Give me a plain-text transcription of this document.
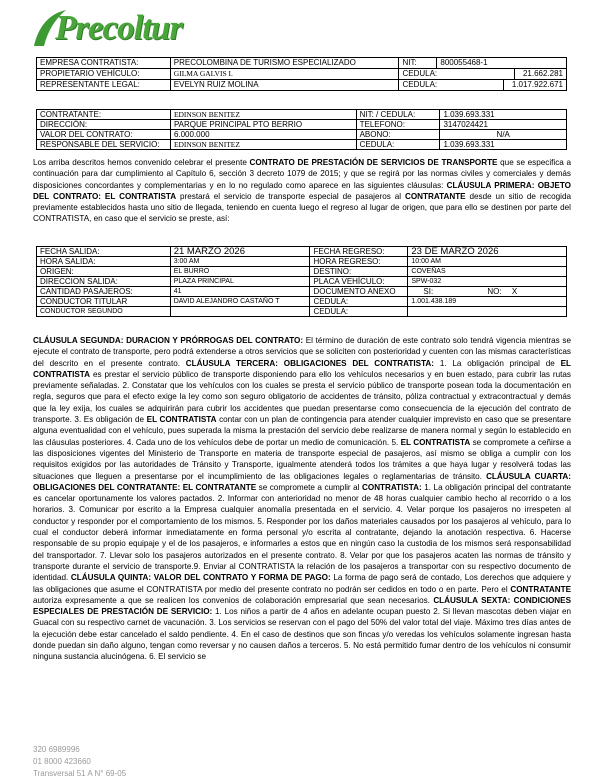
Precoltur
EMPRESA CONTRATISTA:	PRECOLOMBINA DE TURISMO ESPECIALIZADO	NIT:	800055468-1
PROPIETARIO VEHÍCULO:	GILMA GALVIS I.		CEDULA:	21.662.281

REPRESENTANTE LEGAL:	EVELYN RUIZ MOLINA		CEDULA:	1.017.922.671
CONTRATANTE:	EDINSON BENITEZ	NIT: / CEDULA:	1.039.693.331
DIRECCIÓN:	PARQUE PRINCIPAL PTO BERRIO	TELEFONO:	3147024421
VALOR DEL CONTRATO:	6.000.000	ABONO:	N/A
RESPONSABLE DEL SERVICIO:	EDINSON BENITEZ	CEDULA:	1.039.693.331

Los arriba descritos hemos convenido celebrar el presente CONTRATO DE PRESTACIÓN DE SERVICIOS DE TRANSPORTE que se especifica a continuación para dar cumplimiento al Capítulo 6, sección 3 decreto 1079 de 2015; y que se regirá por las normas civiles y comerciales y demás disposiciones concordantes y complementarias y en lo no regulado como aparece en las siguientes cláusulas: CLÁUSULA PRIMERA: OBJETO DEL CONTRATO: EL CONTRATISTA prestará el servicio de transporte especial de pasajeros al CONTRATANTE desde un sitio de recogida previamente establecidos hasta uno sitio de llegada, teniendo en cuenta luego el regreso al lugar de origen, que para ello se destinen por parte del CONTRATISTA, en caso que el servicio se preste, así:

FECHA SALIDA:	21 MARZO 2026	FECHA REGRESO:	23 DE MARZO 2026
HORA SALIDA:	3:00 AM	HORA REGRESO:	10:00 AM
ORIGEN:	EL BURRO	DESTINO:	COVEÑAS
DIRECCION SALIDA:	PLAZA PRINCIPAL	PLACA VEHÍCULO:	SPW-032
CANTIDAD PASAJEROS:	41	DOCUMENTO ANEXO	SI: NO: X
CONDUCTOR TITULAR	DAVID ALEJANDRO CASTAÑO T	CEDULA:	1.001.438.189
CONDUCTOR SEGUNDO		CEDULA:	

CLÁUSULA SEGUNDA: DURACION Y PRÓRROGAS DEL CONTRATO: El término de duración de este contrato solo tendrá vigencia mientras se ejecute el contrato de transporte, pero podrá extenderse a otros servicios que se soliciten con posterioridad y cuenten con las mismas características del descrito en el presente contrato. CLÁUSULA TERCERA: OBLIGACIONES DEL CONTRATISTA: 1. La obligación principal de EL CONTRATISTA es prestar el servicio público de transporte disponiendo para ello los vehículos necesarios y en buen estado, para cubrir las rutas previamente señaladas. 2. Constatar que los vehículos con los cuales se presta el servicio público de transporte posean toda la documentación en regla, seguros que para el efecto exige la ley como son seguro obligatorio de accidentes de tránsito, póliza contractual y extracontractual y demás que la ley exija, los cuales se adquirirán para cubrir los accidentes que puedan presentarse como consecuencia de la ejecución del contrato de transporte. 3. Es obligación de EL CONTRATISTA contar con un plan de contingencia para atender cualquier imprevisto en caso que se presentare alguna eventualidad con el vehículo, pues superada la misma la prestación del servicio debe realizarse de manera normal y según lo establecido en las cláusulas posteriores. 4. Cada uno de los vehículos debe de portar un medio de comunicación. 5. EL CONTRATISTA se compromete a ceñirse a las disposiciones vigentes del Ministerio de Transporte en materia de transporte especial de pasajeros, así mismo se obliga a cumplir con los requisitos exigidos por las autoridades de Tránsito y Transporte, igualmente atenderá todos los trámites a que haya lugar y resolverá todas las situaciones que lleguen a presentarse por el incumplimiento de las obligaciones legales o reglamentarias de tránsito. CLÁUSULA CUARTA: OBLIGACIONES DEL CONTRATANTE: EL CONTRATANTE se compromete a cumplir al CONTRATISTA: 1. La obligación principal del contratante es cancelar oportunamente los valores pactados. 2. Informar con anterioridad no menor de 48 horas cualquier cambio hecho al recorrido o a los horarios. 3. Comunicar por escrito a la Empresa cualquier anomalía presentada en el servicio. 4. Velar porque los pasajeros no irrespeten al conductor y responder por el comportamiento de los mismos. 5. Responder por los daños materiales causados por los pasajeros al vehículo, para lo cual el conductor deberá informar inmediatamente en forma personal y/o escrita al contratante, dejando la anotación respectiva. 6. Hacerse responsable de su propio equipaje y el de los pasajeros, e informarles a estos que en ningún caso la custodia de los mismos será responsabilidad del transportador. 7. Llevar solo los pasajeros autorizados en el presente contrato. 8. Velar por que los pasajeros acaten las normas de tránsito y transporte durante el servicio de transporte.9. Enviar al CONTRATISTA la relación de los pasajeros a transportar con su respectivo documento de identidad. CLÁUSULA QUINTA: VALOR DEL CONTRATO Y FORMA DE PAGO: La forma de pago será de contado, Los derechos que adquiere y las obligaciones que asume el CONTRATISTA por medio del presente contrato no podrán ser cedidos en todo o en parte. Pero el CONTRATANTE autoriza expresamente a que se realicen los convenios de colaboración empresarial que sean necesarios. CLÁUSULA SEXTA: CONDICIONES ESPECIALES DE PRESTACIÓN DE SERVICIO: 1. Los niños a partir de 4 años en adelante ocupan puesto 2. Si llevan mascotas deben viajar en Guacal con su respectivo carnet de vacunación. 3. Los servicios se reservan con el pago del 50% del valor total del viaje. Máximo tres días antes de la ejecución debe estar cancelado el saldo pendiente. 4. En el caso de destinos que son fincas y/o veredas los vehículos solamente ingresan hasta donde puedan sin daño alguno, tengan como reversar y no causen daños a terceros. 5. No está permitido fumar dentro de los vehículos ni consumir ninguna sustancia alucinógena. 6. El servicio se

320 6989996
01 8000 423660
Transversal 51 A N° 69-05
